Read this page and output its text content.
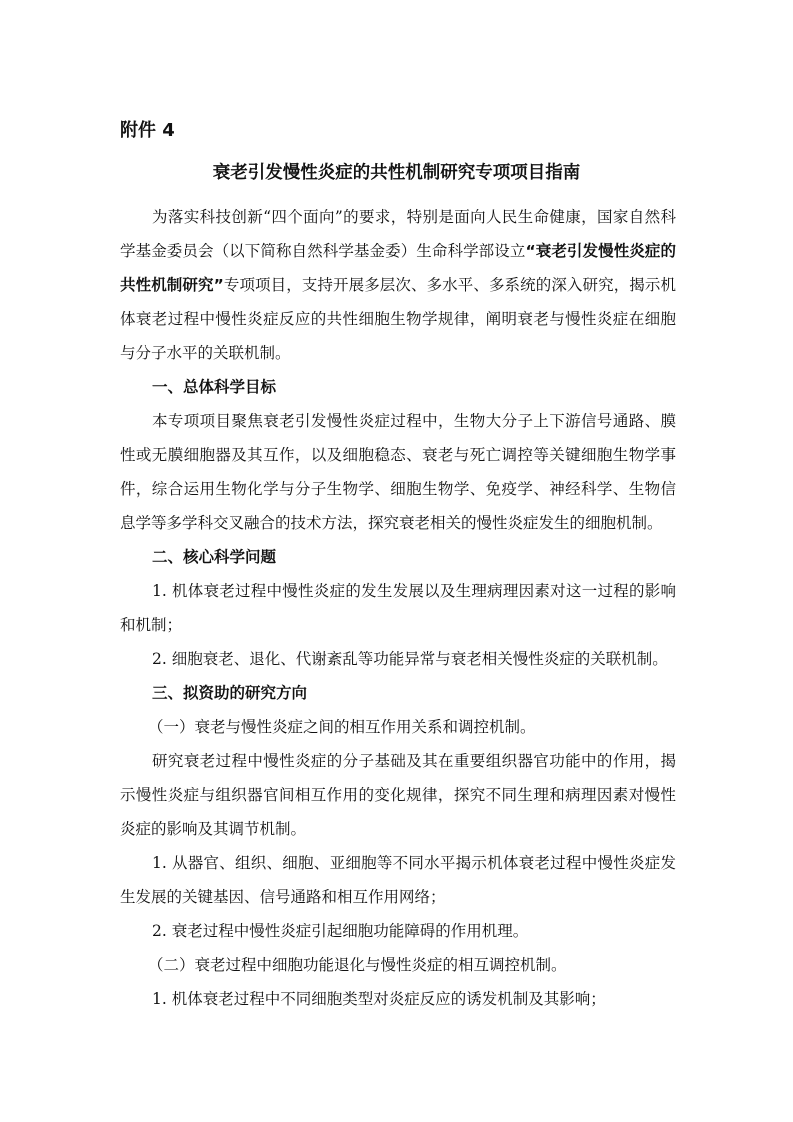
附件 4
衰老引发慢性炎症的共性机制研究专项项目指南

为落实科技创新“四个面向”的要求，特别是面向人民生命健康，国家自然科学基金委员会（以下简称自然科学基金委）生命科学部设立“衰老引发慢性炎症的共性机制研究”专项项目，支持开展多层次、多水平、多系统的深入研究，揭示机体衰老过程中慢性炎症反应的共性细胞生物学规律，阐明衰老与慢性炎症在细胞与分子水平的关联机制。

一、总体科学目标

本专项项目聚焦衰老引发慢性炎症过程中，生物大分子上下游信号通路、膜性或无膜细胞器及其互作，以及细胞稳态、衰老与死亡调控等关键细胞生物学事件，综合运用生物化学与分子生物学、细胞生物学、免疫学、神经科学、生物信息学等多学科交叉融合的技术方法，探究衰老相关的慢性炎症发生的细胞机制。

二、核心科学问题

1. 机体衰老过程中慢性炎症的发生发展以及生理病理因素对这一过程的影响和机制；

2. 细胞衰老、退化、代谢紊乱等功能异常与衰老相关慢性炎症的关联机制。

三、拟资助的研究方向

（一）衰老与慢性炎症之间的相互作用关系和调控机制。

研究衰老过程中慢性炎症的分子基础及其在重要组织器官功能中的作用，揭示慢性炎症与组织器官间相互作用的变化规律，探究不同生理和病理因素对慢性炎症的影响及其调节机制。

1. 从器官、组织、细胞、亚细胞等不同水平揭示机体衰老过程中慢性炎症发生发展的关键基因、信号通路和相互作用网络；

2. 衰老过程中慢性炎症引起细胞功能障碍的作用机理。

（二）衰老过程中细胞功能退化与慢性炎症的相互调控机制。

1. 机体衰老过程中不同细胞类型对炎症反应的诱发机制及其影响；
